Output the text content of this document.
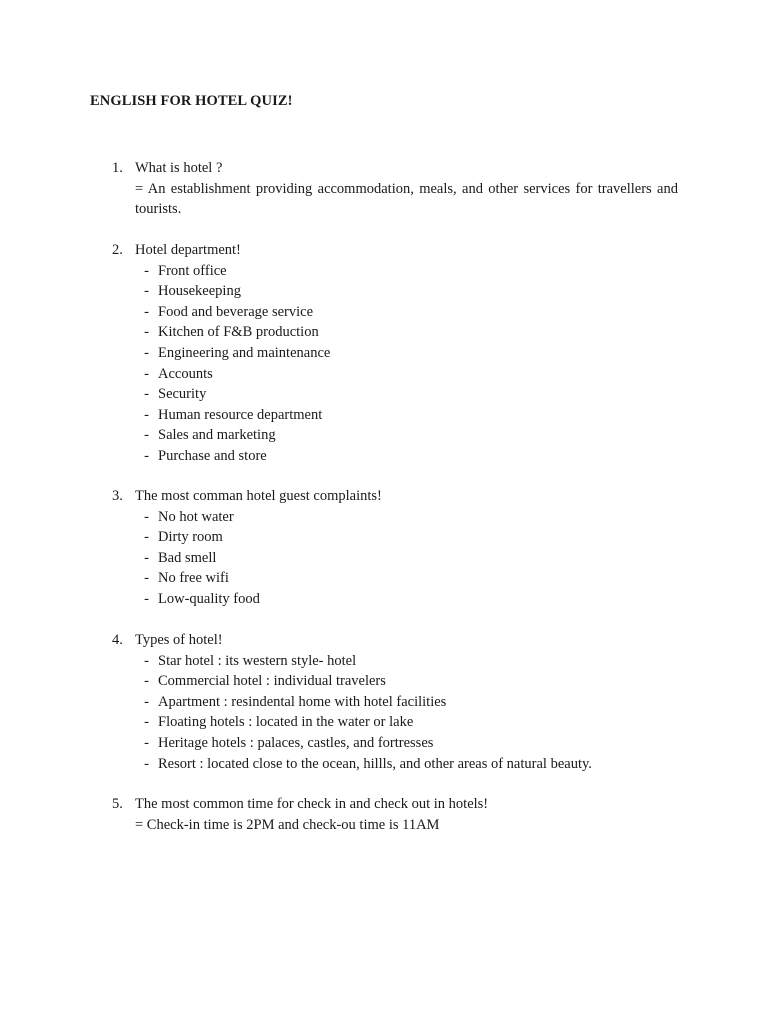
ENGLISH FOR HOTEL QUIZ!
1. What is hotel ?
= An establishment providing accommodation, meals, and other services for travellers and tourists.
2. Hotel department!
- Front office
- Housekeeping
- Food and beverage service
- Kitchen of F&B production
- Engineering and maintenance
- Accounts
- Security
- Human resource department
- Sales and marketing
- Purchase and store
3. The most comman hotel guest complaints!
- No hot water
- Dirty room
- Bad smell
- No free wifi
- Low-quality food
4. Types of hotel!
- Star hotel : its western style- hotel
- Commercial hotel : individual travelers
- Apartment : resindental home with hotel facilities
- Floating hotels : located in the water or lake
- Heritage hotels : palaces, castles, and fortresses
- Resort : located close to the ocean, hillls, and other areas of natural beauty.
5. The most common time for check in and check out in hotels!
= Check-in time is 2PM and check-ou time is 11AM
